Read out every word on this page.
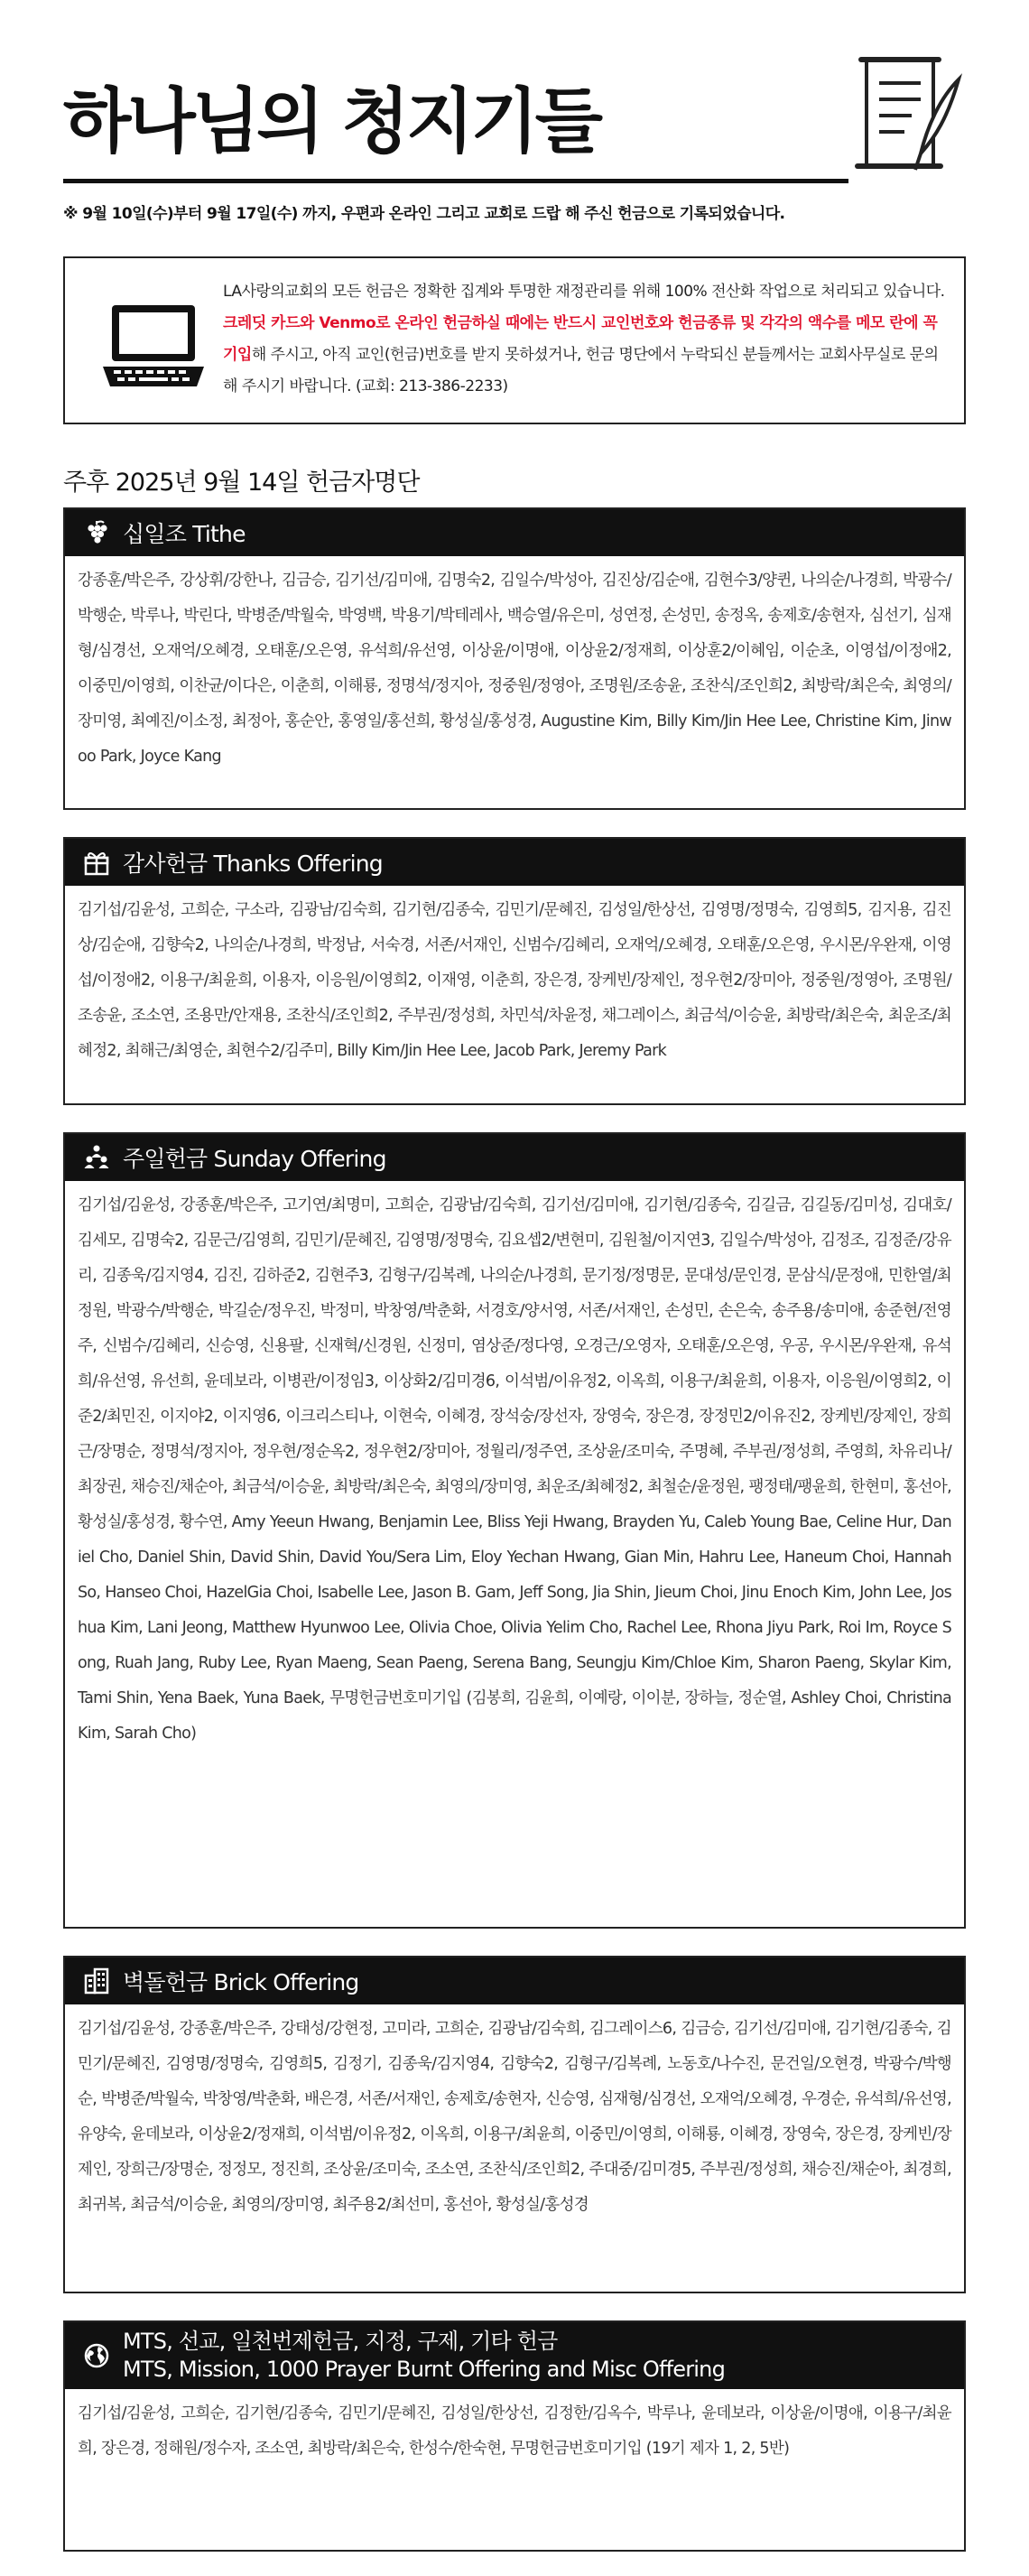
하나님의 청지기들
※ 9월 10일(수)부터 9월 17일(수) 까지, 우편과 온라인 그리고 교회로 드랍 해 주신 헌금으로 기록되었습니다.
LA사랑의교회의 모든 헌금은 정확한 집계와 투명한 재정관리를 위해 100% 전산화 작업으로 처리되고 있습니다. 크레딧 카드와 Venmo로 온라인 헌금하실 때에는 반드시 교인번호와 헌금종류 및 각각의 액수를 메모 란에 꼭 기입해 주시고, 아직 교인(헌금)번호를 받지 못하셨거나, 헌금 명단에서 누락되신 분들께서는 교회사무실로 문의해 주시기 바랍니다. (교회: 213-386-2233)
주후 2025년 9월 14일 헌금자명단
십일조 Tithe
강종훈/박은주, 강상휘/강한나, 김금승, 김기선/김미애, 김명숙2, 김일수/박성아, 김진상/김순애, 김현수3/양퀸, 나의순/나경희, 박광수/박행순, 박루나, 박린다, 박병준/박월숙, 박영백, 박용기/박테레사, 백승열/유은미, 성연정, 손성민, 송정옥, 송제호/송현자, 심선기, 심재형/심경선, 오재억/오혜경, 오태훈/오은영, 유석희/유선영, 이상윤/이명애, 이상윤2/정재희, 이상훈2/이혜임, 이순초, 이영섭/이정애2, 이중민/이영희, 이찬균/이다은, 이춘희, 이해룡, 정명석/정지아, 정중원/정영아, 조명원/조송윤, 조찬식/조인희2, 최방락/최은숙, 최영의/장미영, 최예진/이소정, 최정아, 홍순안, 홍영일/홍선희, 황성실/홍성경, Augustine Kim, Billy Kim/Jin Hee Lee, Christine Kim, Jinwoo Park, Joyce Kang
감사헌금 Thanks Offering
김기섭/김윤성, 고희순, 구소라, 김광남/김숙희, 김기현/김종숙, 김민기/문혜진, 김성일/한상선, 김영명/정명숙, 김영희5, 김지용, 김진상/김순애, 김향숙2, 나의순/나경희, 박정남, 서숙경, 서존/서재인, 신범수/김혜리, 오재억/오혜경, 오태훈/오은영, 우시몬/우완재, 이영섭/이정애2, 이용구/최윤희, 이용자, 이응원/이영희2, 이재영, 이춘희, 장은경, 장케빈/장제인, 정우현2/장미아, 정중원/정영아, 조명원/조송윤, 조소연, 조용만/안재용, 조찬식/조인희2, 주부권/정성희, 차민석/차윤정, 채그레이스, 최금석/이승윤, 최방락/최은숙, 최운조/최혜정2, 최해근/최영순, 최현수2/김주미, Billy Kim/Jin Hee Lee, Jacob Park, Jeremy Park
주일헌금 Sunday Offering
김기섭/김윤성, 강종훈/박은주, 고기연/최명미, 고희순, 김광남/김숙희, 김기선/김미애, 김기현/김종숙, 김길금, 김길동/김미성, 김대호/김세모, 김명숙2, 김문근/김영희, 김민기/문혜진, 김영명/정명숙, 김요셉2/변현미, 김원철/이지연3, 김일수/박성아, 김정조, 김정준/강유리, 김종욱/김지영4, 김진, 김하준2, 김현주3, 김형구/김복례, 나의순/나경희, 문기정/정명문, 문대성/문인경, 문삼식/문정애, 민한열/최정원, 박광수/박행순, 박길순/정우진, 박정미, 박창영/박춘화, 서경호/양서영, 서존/서재인, 손성민, 손은숙, 송주용/송미애, 송준현/전영주, 신범수/김혜리, 신승영, 신용팔, 신재혁/신경원, 신정미, 염상준/정다영, 오경근/오영자, 오태훈/오은영, 우공, 우시몬/우완재, 유석희/유선영, 유선희, 윤데보라, 이병관/이정임3, 이상화2/김미경6, 이석범/이유정2, 이옥희, 이용구/최윤희, 이용자, 이응원/이영희2, 이준2/최민진, 이지야2, 이지영6, 이크리스티나, 이현숙, 이혜경, 장석숭/장선자, 장영숙, 장은경, 장정민2/이유진2, 장케빈/장제인, 장희근/장명순, 정명석/정지아, 정우현/정순옥2, 정우현2/장미아, 정월리/정주연, 조상윤/조미숙, 주명혜, 주부권/정성희, 주영희, 차유리나/최장권, 채승진/채순아, 최금석/이승윤, 최방락/최은숙, 최영의/장미영, 최운조/최혜정2, 최철순/윤정원, 팽정태/팽윤희, 한현미, 홍선아, 황성실/홍성경, 황수연, Amy Yeeun Hwang, Benjamin Lee, Bliss Yeji Hwang, Brayden Yu, Caleb Young Bae, Celine Hur, Daniel Cho, Daniel Shin, David Shin, David You/Sera Lim, Eloy Yechan Hwang, Gian Min, Hahru Lee, Haneum Choi, Hannah So, Hanseo Choi, HazelGia Choi, Isabelle Lee, Jason B. Gam, Jeff Song, Jia Shin, Jieum Choi, Jinu Enoch Kim, John Lee, Joshua Kim, Lani Jeong, Matthew Hyunwoo Lee, Olivia Choe, Olivia Yelim Cho, Rachel Lee, Rhona Jiyu Park, Roi Im, Royce Song, Ruah Jang, Ruby Lee, Ryan Maeng, Sean Paeng, Serena Bang, Seungju Kim/Chloe Kim, Sharon Paeng, Skylar Kim, Tami Shin, Yena Baek, Yuna Baek, 무명헌금번호미기입 (김봉희, 김윤희, 이예랑, 이이분, 장하늘, 정순열, Ashley Choi, Christina Kim, Sarah Cho)
벽돌헌금 Brick Offering
김기섭/김윤성, 강종훈/박은주, 강태성/강현정, 고미라, 고희순, 김광남/김숙희, 김그레이스6, 김금승, 김기선/김미애, 김기현/김종숙, 김민기/문혜진, 김영명/정명숙, 김영희5, 김정기, 김종욱/김지영4, 김향숙2, 김형구/김복례, 노동호/나수진, 문건일/오현경, 박광수/박행순, 박병준/박월숙, 박창영/박춘화, 배은경, 서존/서재인, 송제호/송현자, 신승영, 심재형/심경선, 오재억/오혜경, 우경순, 유석희/유선영, 유양숙, 윤데보라, 이상윤2/정재희, 이석범/이유정2, 이옥희, 이용구/최윤희, 이중민/이영희, 이해룡, 이혜경, 장영숙, 장은경, 장케빈/장제인, 장희근/장명순, 정정모, 정진희, 조상윤/조미숙, 조소연, 조찬식/조인희2, 주대중/김미경5, 주부권/정성희, 채승진/채순아, 최경희, 최귀복, 최금석/이승윤, 최영의/장미영, 최주용2/최선미, 홍선아, 황성실/홍성경
MTS, 선교, 일천번제헌금, 지정, 구제, 기타 헌금
MTS, Mission, 1000 Prayer Burnt Offering and Misc Offering
김기섭/김윤성, 고희순, 김기현/김종숙, 김민기/문혜진, 김성일/한상선, 김정한/김옥수, 박루나, 윤데보라, 이상윤/이명애, 이용구/최윤희, 장은경, 정해원/정수자, 조소연, 최방락/최은숙, 한성수/한숙현, 무명헌금번호미기입 (19기 제자 1, 2, 5반)
